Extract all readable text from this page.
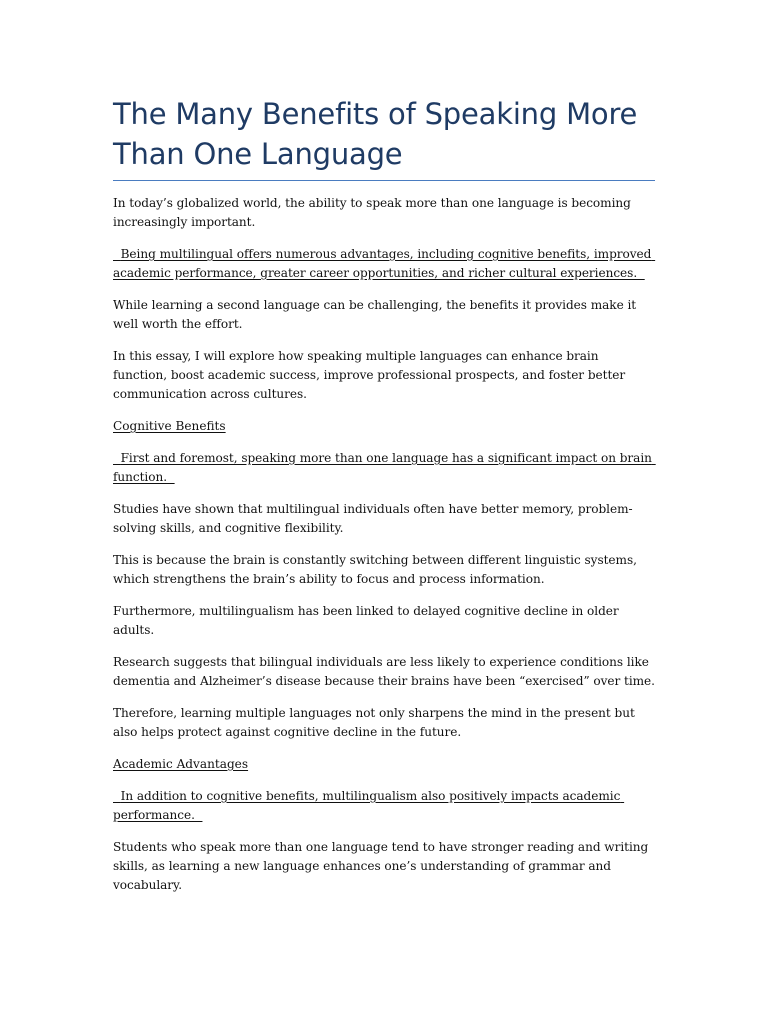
The Many Benefits of Speaking More Than One Language

In today’s globalized world, the ability to speak more than one language is becoming increasingly important.

Being multilingual offers numerous advantages, including cognitive benefits, improved academic performance, greater career opportunities, and richer cultural experiences.

While learning a second language can be challenging, the benefits it provides make it well worth the effort.

In this essay, I will explore how speaking multiple languages can enhance brain function, boost academic success, improve professional prospects, and foster better communication across cultures.

Cognitive Benefits

First and foremost, speaking more than one language has a significant impact on brain function.

Studies have shown that multilingual individuals often have better memory, problem-solving skills, and cognitive flexibility.

This is because the brain is constantly switching between different linguistic systems, which strengthens the brain’s ability to focus and process information.

Furthermore, multilingualism has been linked to delayed cognitive decline in older adults.

Research suggests that bilingual individuals are less likely to experience conditions like dementia and Alzheimer’s disease because their brains have been “exercised” over time.

Therefore, learning multiple languages not only sharpens the mind in the present but also helps protect against cognitive decline in the future.

Academic Advantages

In addition to cognitive benefits, multilingualism also positively impacts academic performance.

Students who speak more than one language tend to have stronger reading and writing skills, as learning a new language enhances one’s understanding of grammar and vocabulary.
